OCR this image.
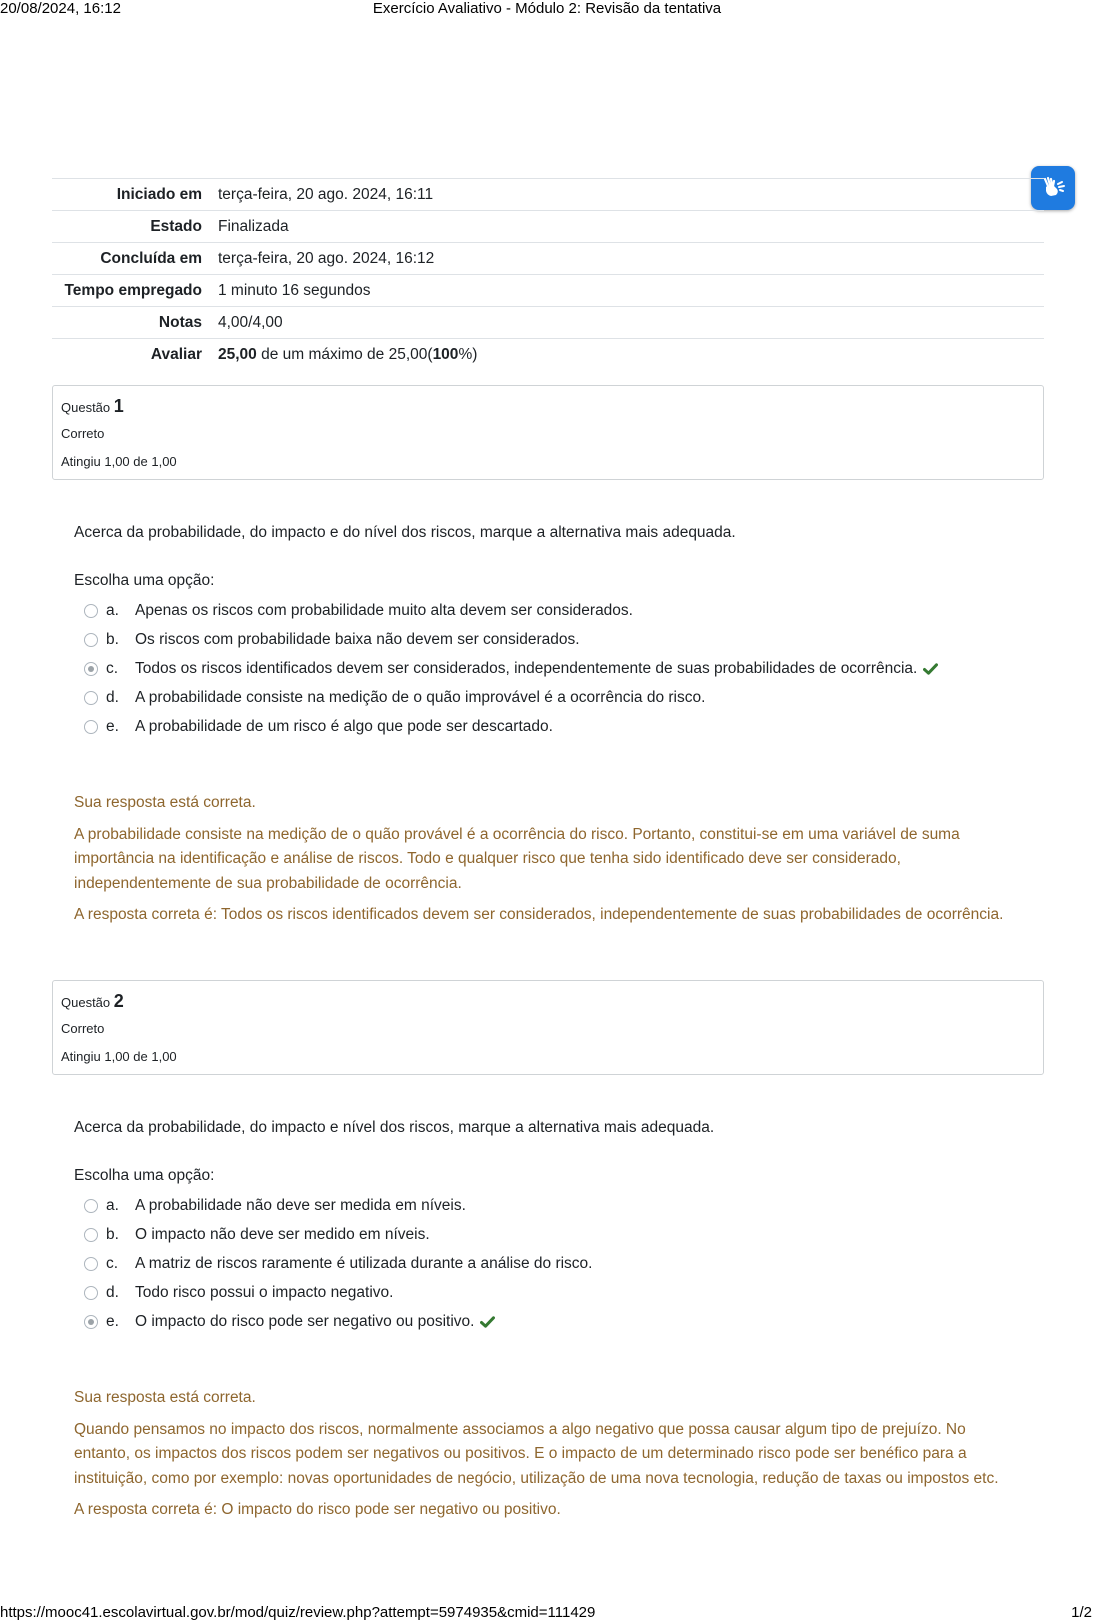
20/08/2024, 16:12	Exercício Avaliativo - Módulo 2: Revisão da tentativa
Iniciado em	terça-feira, 20 ago. 2024, 16:11
Estado	Finalizada
Concluída em	terça-feira, 20 ago. 2024, 16:12
Tempo empregado	1 minuto 16 segundos
Notas	4,00/4,00
Avaliar	25,00 de um máximo de 25,00(100%)
Questão 1
Correto
Atingiu 1,00 de 1,00
Acerca da probabilidade, do impacto e do nível dos riscos, marque a alternativa mais adequada.
Escolha uma opção:
a.	Apenas os riscos com probabilidade muito alta devem ser considerados.
b.	Os riscos com probabilidade baixa não devem ser considerados.
c.	Todos os riscos identificados devem ser considerados, independentemente de suas probabilidades de ocorrência.
d.	A probabilidade consiste na medição de o quão improvável é a ocorrência do risco.
e.	A probabilidade de um risco é algo que pode ser descartado.

Sua resposta está correta.

A probabilidade consiste na medição de o quão provável é a ocorrência do risco. Portanto, constitui-se em uma variável de suma importância na identificação e análise de riscos. Todo e qualquer risco que tenha sido identificado deve ser considerado, independentemente de sua probabilidade de ocorrência.

A resposta correta é: Todos os riscos identificados devem ser considerados, independentemente de suas probabilidades de ocorrência.

Questão 2
Correto
Atingiu 1,00 de 1,00
Acerca da probabilidade, do impacto e nível dos riscos, marque a alternativa mais adequada.
Escolha uma opção:
a.	A probabilidade não deve ser medida em níveis.
b.	O impacto não deve ser medido em níveis.
c.	A matriz de riscos raramente é utilizada durante a análise do risco.
d.	Todo risco possui o impacto negativo.
e.	O impacto do risco pode ser negativo ou positivo.

Sua resposta está correta.

Quando pensamos no impacto dos riscos, normalmente associamos a algo negativo que possa causar algum tipo de prejuízo. No entanto, os impactos dos riscos podem ser negativos ou positivos. E o impacto de um determinado risco pode ser benéfico para a instituição, como por exemplo: novas oportunidades de negócio, utilização de uma nova tecnologia, redução de taxas ou impostos etc.

A resposta correta é: O impacto do risco pode ser negativo ou positivo.

https://mooc41.escolavirtual.gov.br/mod/quiz/review.php?attempt=5974935&cmid=111429	1/2
